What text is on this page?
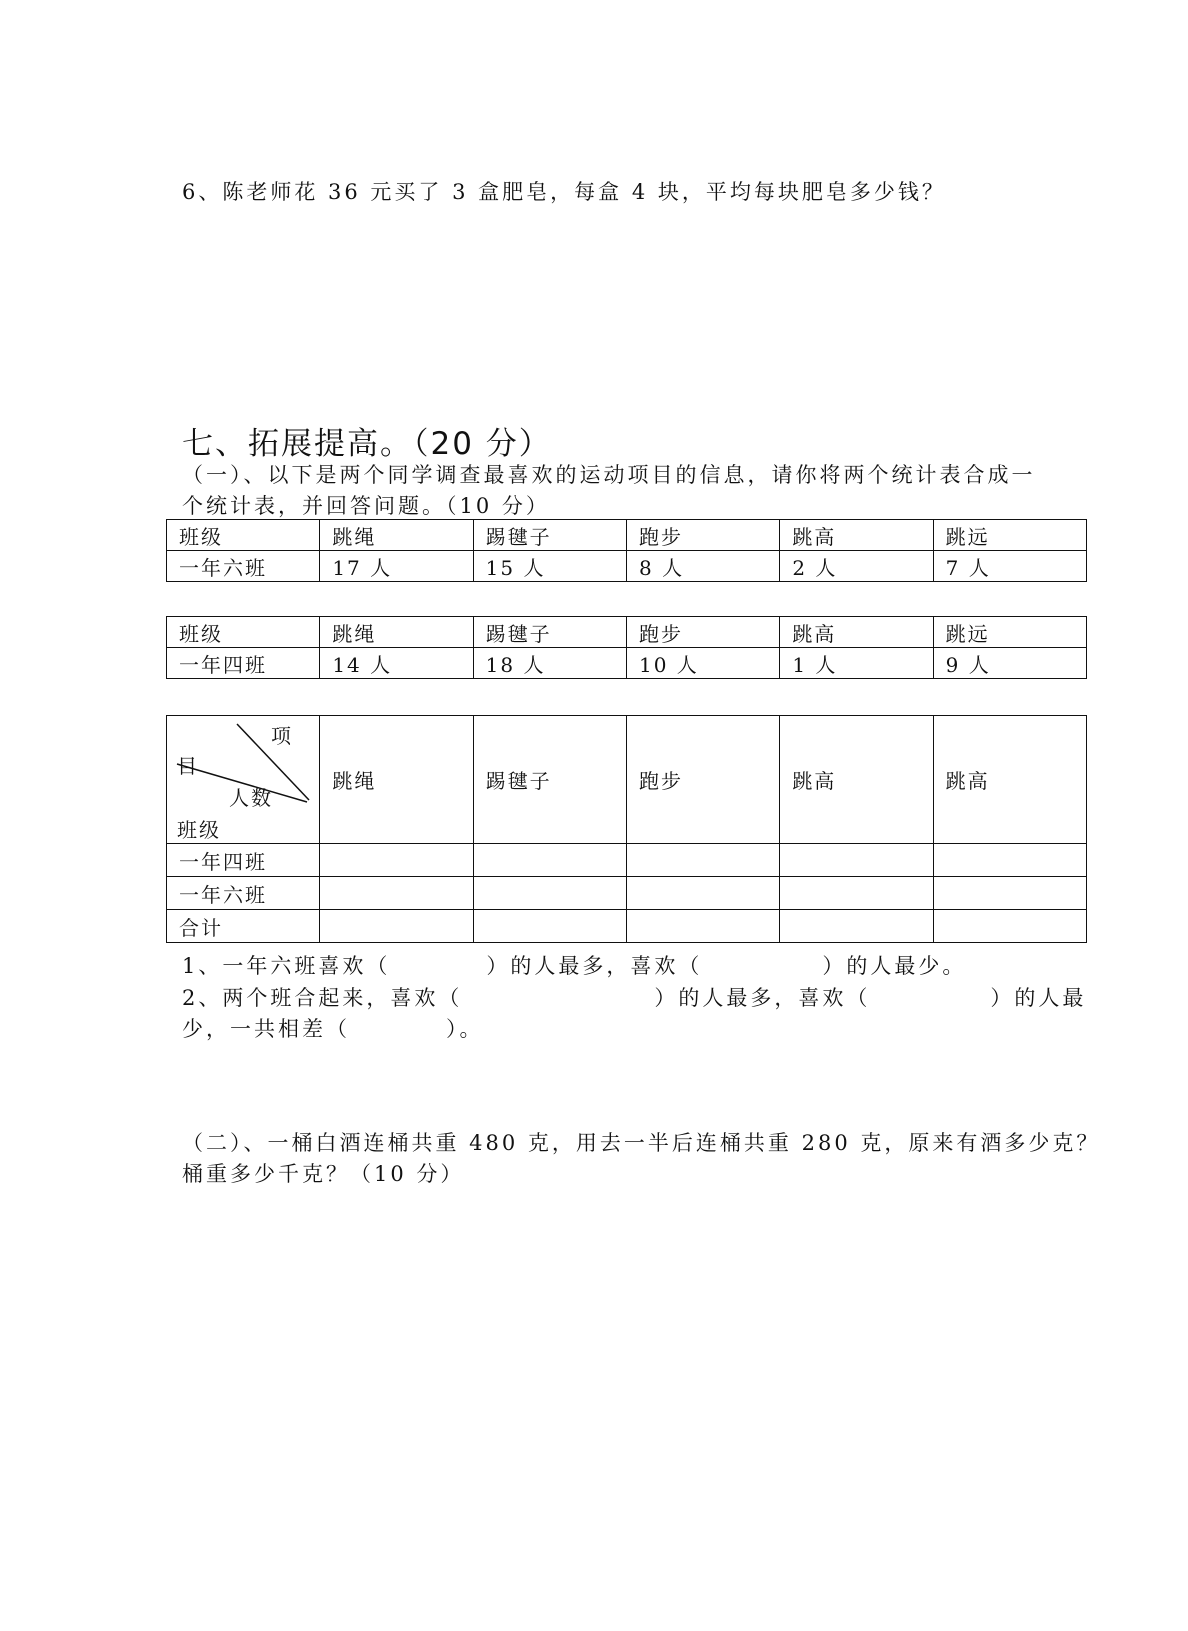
6、陈老师花 36 元买了 3 盒肥皂，每盒 4 块，平均每块肥皂多少钱？
七、拓展提高。（20 分）
（一）、以下是两个同学调查最喜欢的运动项目的信息，请你将两个统计表合成一
个统计表，并回答问题。（10 分）
班级	跳绳	踢毽子	跑步	跳高	跳远
一年六班	17 人	15 人	8 人	2 人	7 人
班级	跳绳	踢毽子	跑步	跳高	跳远
一年四班	14 人	18 人	10 人	1 人	9 人
项
目
人数
班级	跳绳	踢毽子	跑步	跳高	跳高
一年四班					
一年六班					
合计					
1、一年六班喜欢（　　　　）的人最多，喜欢（　　　　　）的人最少。
2、两个班合起来，喜欢（　　　　　　　　）的人最多，喜欢（　　　　　）的人最
少，一共相差（　　　　）。
（二）、一桶白酒连桶共重 480 克，用去一半后连桶共重 280 克，原来有酒多少克？
桶重多少千克？（10 分）
